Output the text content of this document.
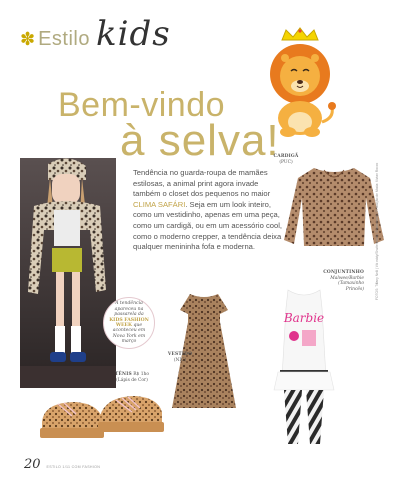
✽ Estilo kids
Bem-vindo
à selva!
Tendência no guarda-roupa de mamães estilosas, a animal print agora invade também o closet dos pequenos no maior CLIMA SAFÁRI. Seja em um look inteiro, como um vestidinho, apenas em uma peça, como um cardigã, ou em um acessório cool, como o moderno crepper, a tendência deixa qualquer menininha fofa e moderna.
CARDIGÃ
(PUC)
A tendência apareceu na passarela da KIDS FASHION WEEK que aconteceu em Nova York em março
VESTIDO
(NIC)
CONJUNTINHO
Malwee/Barbie
(Tamaxinho
Princês)
Barbie
TÊNIS R$ 1ho
(Lápis de Cor)
FOTOS: Tiffany Nelli | Vik eddy/Shutterstock | Shutterstock | Produção de Moda: Vivian Rocco
20 ESTILO 1/11 COM FASHION
